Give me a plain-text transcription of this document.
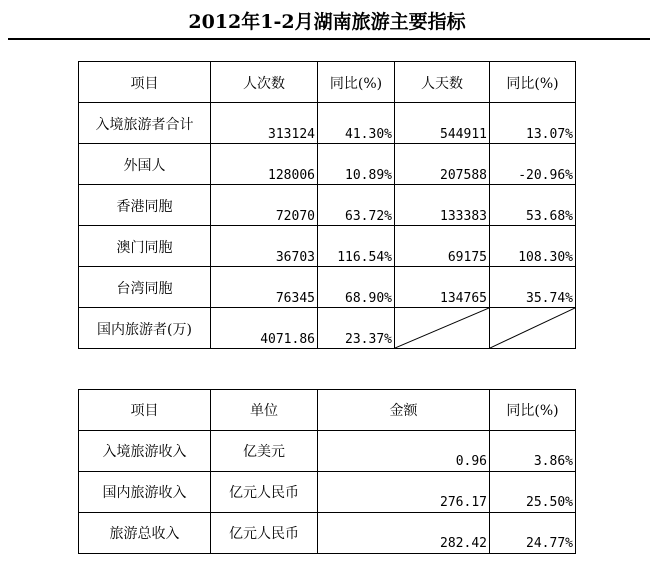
2012年1-2月湖南旅游主要指标
项目	人次数	同比(%)	人天数	同比(%)
入境旅游者合计	313124	41.30%	544911	13.07%
外国人	128006	10.89%	207588	-20.96%
香港同胞	72070	63.72%	133383	53.68%
澳门同胞	36703	116.54%	69175	108.30%
台湾同胞	76345	68.90%	134765	35.74%
国内旅游者(万)	4071.86	23.37%	

项目	单位	金额	同比(%)
入境旅游收入	亿美元	0.96	3.86%
国内旅游收入	亿元人民币	276.17	25.50%
旅游总收入	亿元人民币	282.42	24.77%
